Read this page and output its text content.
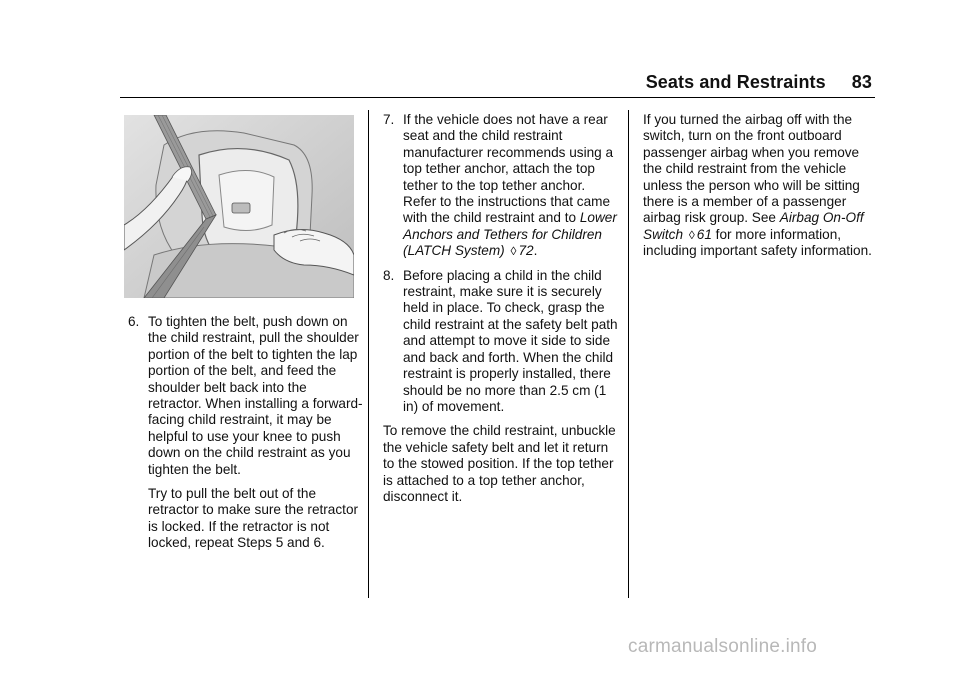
Seats and Restraints 83
6. To tighten the belt, push down on the child restraint, pull the shoulder portion of the belt to tighten the lap portion of the belt, and feed the shoulder belt back into the retractor. When installing a forward-facing child restraint, it may be helpful to use your knee to push down on the child restraint as you tighten the belt.

Try to pull the belt out of the retractor to make sure the retractor is locked. If the retractor is not locked, repeat Steps 5 and 6.

7. If the vehicle does not have a rear seat and the child restraint manufacturer recommends using a top tether anchor, attach the top tether to the top tether anchor. Refer to the instructions that came with the child restraint and to Lower Anchors and Tethers for Children (LATCH System) ◊ 72.

8. Before placing a child in the child restraint, make sure it is securely held in place. To check, grasp the child restraint at the safety belt path and attempt to move it side to side and back and forth. When the child restraint is properly installed, there should be no more than 2.5 cm (1 in) of movement.

To remove the child restraint, unbuckle the vehicle safety belt and let it return to the stowed position. If the top tether is attached to a top tether anchor, disconnect it.

If you turned the airbag off with the switch, turn on the front outboard passenger airbag when you remove the child restraint from the vehicle unless the person who will be sitting there is a member of a passenger airbag risk group. See Airbag On-Off Switch ◊ 61 for more information, including important safety information.

carmanualsonline.info
